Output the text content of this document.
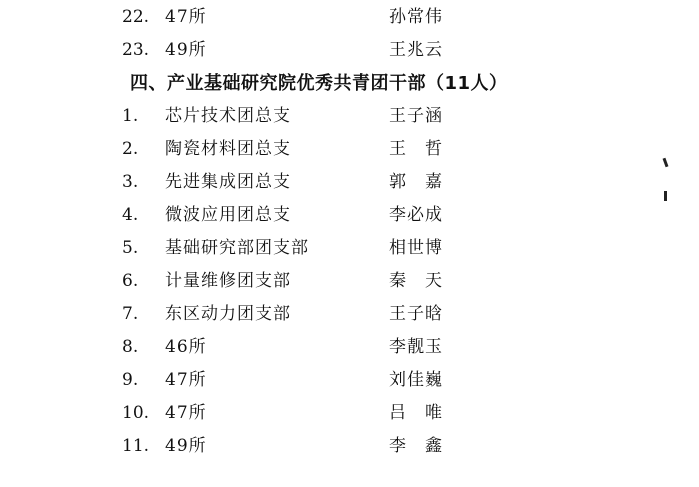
22. 47所	孙常伟
23. 49所	王兆云
四、产业基础研究院优秀共青团干部（11人）
1.	芯片技术团总支	王子涵
2.	陶瓷材料团总支	王　哲
3.	先进集成团总支	郭　嘉
4.	微波应用团总支	李必成
5.	基础研究部团支部	相世博
6.	计量维修团支部	秦　天
7.	东区动力团支部	王子晗
8.	46所	李靓玉
9.	47所	刘佳巍
10. 47所	吕　唯
11. 49所	李　鑫
